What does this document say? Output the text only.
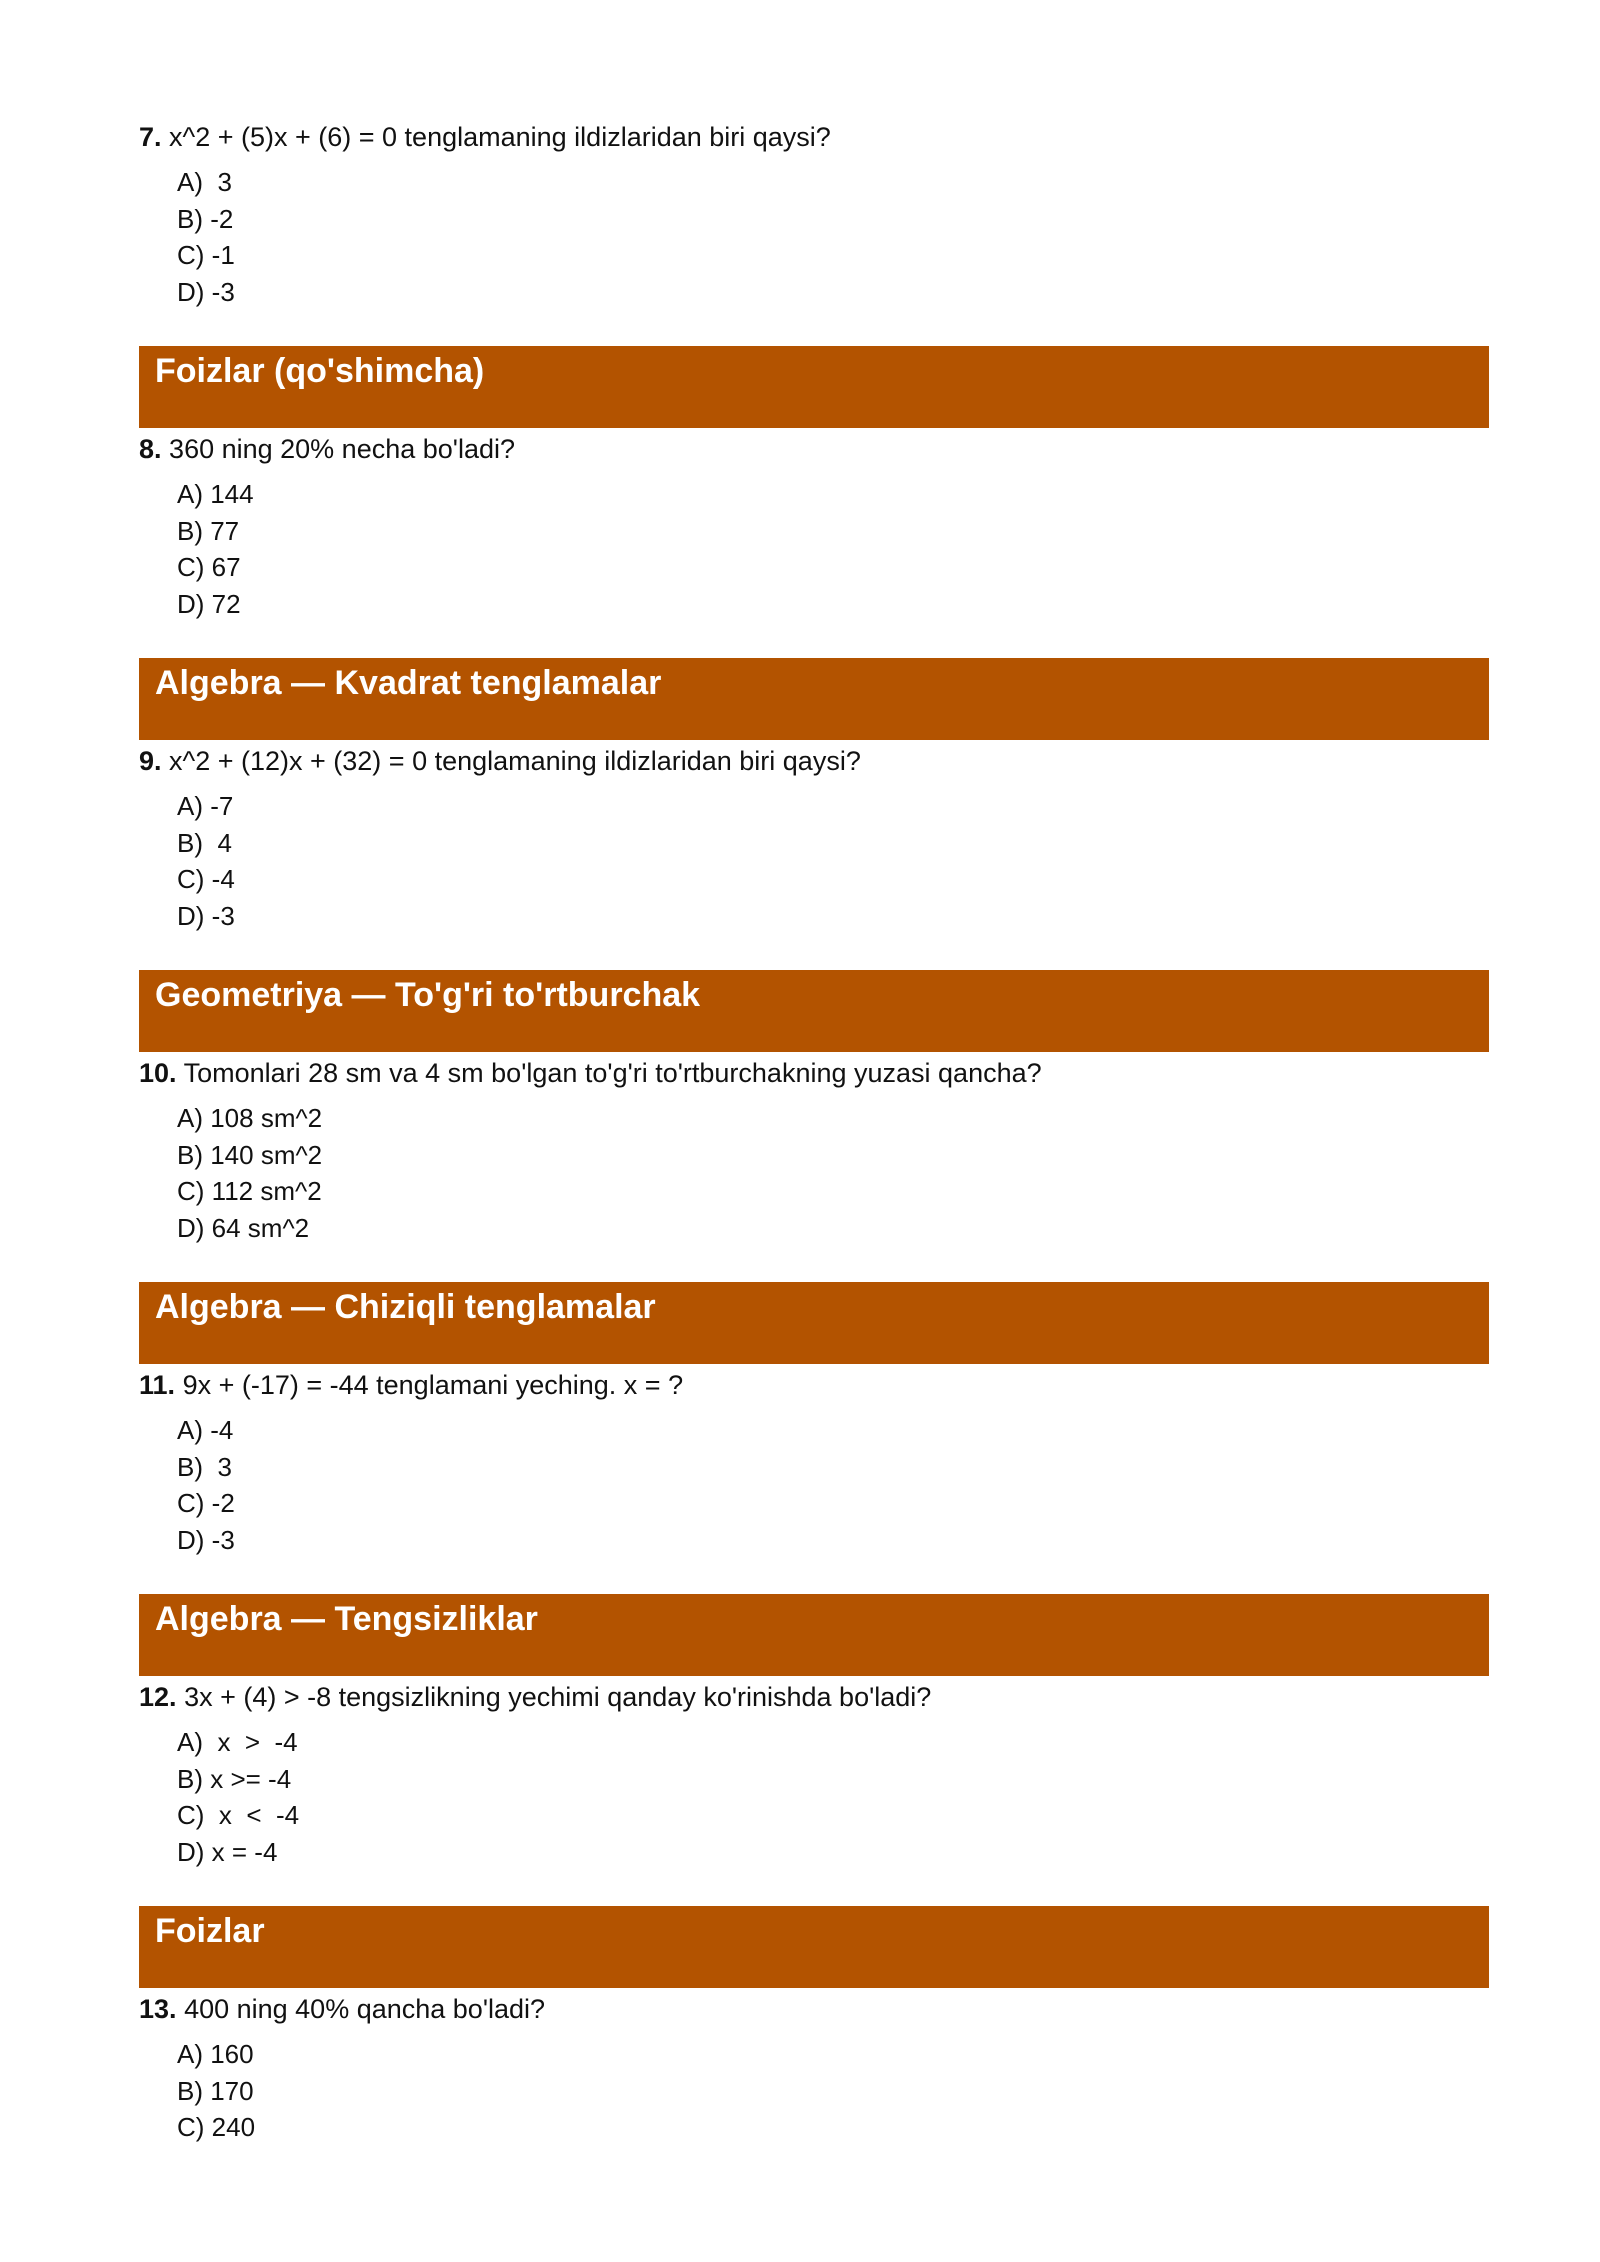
7. x^2 + (5)x + (6) = 0 tenglamaning ildizlaridan biri qaysi?

A)  3
B) -2
C) -1
D) -3
Foizlar (qo'shimcha)

8. 360 ning 20% necha bo'ladi?

A) 144
B) 77
C) 67
D) 72
Algebra — Kvadrat tenglamalar

9. x^2 + (12)x + (32) = 0 tenglamaning ildizlaridan biri qaysi?

A) -7
B)  4
C) -4
D) -3
Geometriya — To'g'ri to'rtburchak

10. Tomonlari 28 sm va 4 sm bo'lgan to'g'ri to'rtburchakning yuzasi qancha?

A) 108 sm^2
B) 140 sm^2
C) 112 sm^2
D) 64 sm^2
Algebra — Chiziqli tenglamalar

11. 9x + (-17) = -44 tenglamani yeching. x = ?

A) -4
B)  3
C) -2
D) -3
Algebra — Tengsizliklar

12. 3x + (4) > -8 tengsizlikning yechimi qanday ko'rinishda bo'ladi?

A)  x  >  -4
B) x >= -4
C)  x  <  -4
D) x = -4
Foizlar

13. 400 ning 40% qancha bo'ladi?

A) 160
B) 170
C) 240
